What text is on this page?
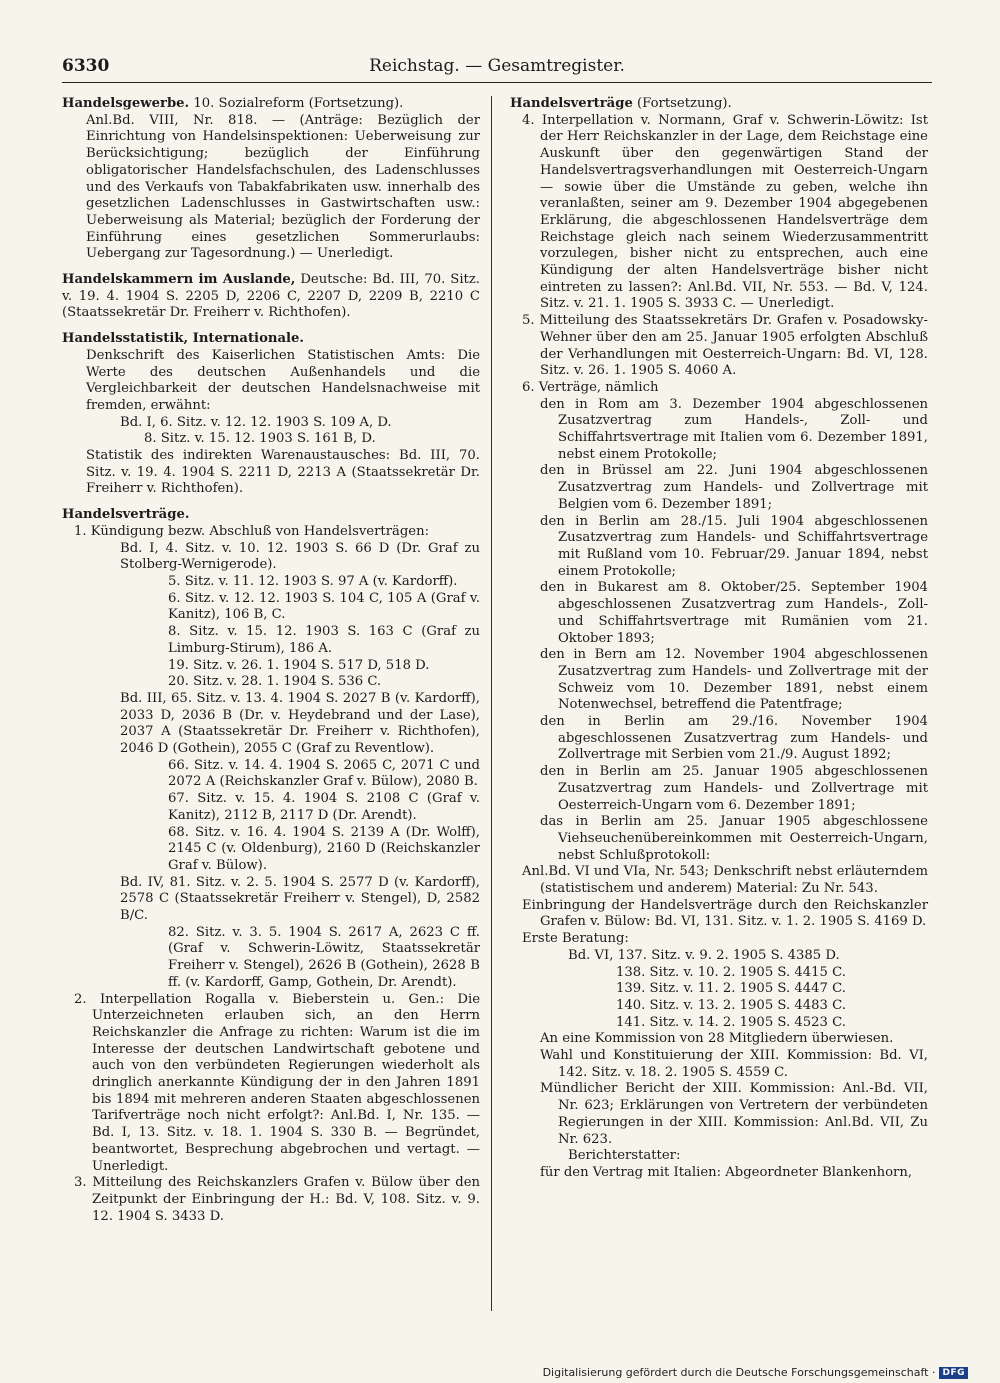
6330	Reichstag. — Gesamtregister.

Handelsgewerbe. 10. Sozialreform (Fortsetzung).

Anl.Bd. VIII, Nr. 818. — (Anträge: Bezüglich der Einrichtung von Handelsinspektionen: Ueberweisung zur Berücksichtigung; bezüglich der Einführung obligatorischer Handelsfachschulen, des Ladenschlusses und des Verkaufs von Tabakfabrikaten usw. innerhalb des gesetzlichen Ladenschlusses in Gastwirtschaften usw.: Ueberweisung als Material; bezüglich der Forderung der Einführung eines gesetzlichen Sommerurlaubs: Uebergang zur Tagesordnung.) — Unerledigt.

Handelskammern im Auslande, Deutsche: Bd. III, 70. Sitz. v. 19. 4. 1904 S. 2205 D, 2206 C, 2207 D, 2209 B, 2210 C (Staatssekretär Dr. Freiherr v. Richthofen).

Handelsstatistik, Internationale.

Denkschrift des Kaiserlichen Statistischen Amts: Die Werte des deutschen Außenhandels und die Vergleichbarkeit der deutschen Handelsnachweise mit fremden, erwähnt:

Bd. I, 6. Sitz. v. 12. 12. 1903 S. 109 A, D.

8. Sitz. v. 15. 12. 1903 S. 161 B, D.

Statistik des indirekten Warenaustausches: Bd. III, 70. Sitz. v. 19. 4. 1904 S. 2211 D, 2213 A (Staatssekretär Dr. Freiherr v. Richthofen).

Handelsverträge.

1. Kündigung bezw. Abschluß von Handelsverträgen:

Bd. I, 4. Sitz. v. 10. 12. 1903 S. 66 D (Dr. Graf zu Stolberg-Wernigerode).

5. Sitz. v. 11. 12. 1903 S. 97 A (v. Kardorff).

6. Sitz. v. 12. 12. 1903 S. 104 C, 105 A (Graf v. Kanitz), 106 B, C.

8. Sitz. v. 15. 12. 1903 S. 163 C (Graf zu Limburg-Stirum), 186 A.

19. Sitz. v. 26. 1. 1904 S. 517 D, 518 D.

20. Sitz. v. 28. 1. 1904 S. 536 C.

Bd. III, 65. Sitz. v. 13. 4. 1904 S. 2027 B (v. Kardorff), 2033 D, 2036 B (Dr. v. Heydebrand und der Lase), 2037 A (Staatssekretär Dr. Freiherr v. Richthofen), 2046 D (Gothein), 2055 C (Graf zu Reventlow).

66. Sitz. v. 14. 4. 1904 S. 2065 C, 2071 C und 2072 A (Reichskanzler Graf v. Bülow), 2080 B.

67. Sitz. v. 15. 4. 1904 S. 2108 C (Graf v. Kanitz), 2112 B, 2117 D (Dr. Arendt).

68. Sitz. v. 16. 4. 1904 S. 2139 A (Dr. Wolff), 2145 C (v. Oldenburg), 2160 D (Reichskanzler Graf v. Bülow).

Bd. IV, 81. Sitz. v. 2. 5. 1904 S. 2577 D (v. Kardorff), 2578 C (Staatssekretär Freiherr v. Stengel), D, 2582 B/C.

82. Sitz. v. 3. 5. 1904 S. 2617 A, 2623 C ff. (Graf v. Schwerin-Löwitz, Staatssekretär Freiherr v. Stengel), 2626 B (Gothein), 2628 B ff. (v. Kardorff, Gamp, Gothein, Dr. Arendt).

2. Interpellation Rogalla v. Bieberstein u. Gen.: Die Unterzeichneten erlauben sich, an den Herrn Reichskanzler die Anfrage zu richten: Warum ist die im Interesse der deutschen Landwirtschaft gebotene und auch von den verbündeten Regierungen wiederholt als dringlich anerkannte Kündigung der in den Jahren 1891 bis 1894 mit mehreren anderen Staaten abgeschlossenen Tarifverträge noch nicht erfolgt?: Anl.Bd. I, Nr. 135. — Bd. I, 13. Sitz. v. 18. 1. 1904 S. 330 B. — Begründet, beantwortet, Besprechung abgebrochen und vertagt. — Unerledigt.

3. Mitteilung des Reichskanzlers Grafen v. Bülow über den Zeitpunkt der Einbringung der H.: Bd. V, 108. Sitz. v. 9. 12. 1904 S. 3433 D.

Handelsverträge (Fortsetzung).

4. Interpellation v. Normann, Graf v. Schwerin-Löwitz: Ist der Herr Reichskanzler in der Lage, dem Reichstage eine Auskunft über den gegenwärtigen Stand der Handelsvertragsverhandlungen mit Oesterreich-Ungarn — sowie über die Umstände zu geben, welche ihn veranlaßten, seiner am 9. Dezember 1904 abgegebenen Erklärung, die abgeschlossenen Handelsverträge dem Reichstage gleich nach seinem Wiederzusammentritt vorzulegen, bisher nicht zu entsprechen, auch eine Kündigung der alten Handelsverträge bisher nicht eintreten zu lassen?: Anl.Bd. VII, Nr. 553. — Bd. V, 124. Sitz. v. 21. 1. 1905 S. 3933 C. — Unerledigt.

5. Mitteilung des Staatssekretärs Dr. Grafen v. Posadowsky-Wehner über den am 25. Januar 1905 erfolgten Abschluß der Verhandlungen mit Oesterreich-Ungarn: Bd. VI, 128. Sitz. v. 26. 1. 1905 S. 4060 A.

6. Verträge, nämlich

den in Rom am 3. Dezember 1904 abgeschlossenen Zusatzvertrag zum Handels-, Zoll- und Schiffahrtsvertrage mit Italien vom 6. Dezember 1891, nebst einem Protokolle;

den in Brüssel am 22. Juni 1904 abgeschlossenen Zusatzvertrag zum Handels- und Zollvertrage mit Belgien vom 6. Dezember 1891;

den in Berlin am 28./15. Juli 1904 abgeschlossenen Zusatzvertrag zum Handels- und Schiffahrtsvertrage mit Rußland vom 10. Februar/29. Januar 1894, nebst einem Protokolle;

den in Bukarest am 8. Oktober/25. September 1904 abgeschlossenen Zusatzvertrag zum Handels-, Zoll- und Schiffahrtsvertrage mit Rumänien vom 21. Oktober 1893;

den in Bern am 12. November 1904 abgeschlossenen Zusatzvertrag zum Handels- und Zollvertrage mit der Schweiz vom 10. Dezember 1891, nebst einem Notenwechsel, betreffend die Patentfrage;

den in Berlin am 29./16. November 1904 abgeschlossenen Zusatzvertrag zum Handels- und Zollvertrage mit Serbien vom 21./9. August 1892;

den in Berlin am 25. Januar 1905 abgeschlossenen Zusatzvertrag zum Handels- und Zollvertrage mit Oesterreich-Ungarn vom 6. Dezember 1891;

das in Berlin am 25. Januar 1905 abgeschlossene Viehseuchenübereinkommen mit Oesterreich-Ungarn, nebst Schlußprotokoll:

Anl.Bd. VI und VIa, Nr. 543; Denkschrift nebst erläuterndem (statistischem und anderem) Material: Zu Nr. 543.

Einbringung der Handelsverträge durch den Reichskanzler Grafen v. Bülow: Bd. VI, 131. Sitz. v. 1. 2. 1905 S. 4169 D.

Erste Beratung:

Bd. VI, 137. Sitz. v. 9. 2. 1905 S. 4385 D.

138. Sitz. v. 10. 2. 1905 S. 4415 C.

139. Sitz. v. 11. 2. 1905 S. 4447 C.

140. Sitz. v. 13. 2. 1905 S. 4483 C.

141. Sitz. v. 14. 2. 1905 S. 4523 C.

An eine Kommission von 28 Mitgliedern überwiesen.

Wahl und Konstituierung der XIII. Kommission: Bd. VI, 142. Sitz. v. 18. 2. 1905 S. 4559 C.

Mündlicher Bericht der XIII. Kommission: Anl.-Bd. VII, Nr. 623; Erklärungen von Vertretern der verbündeten Regierungen in der XIII. Kommission: Anl.Bd. VII, Zu Nr. 623.

Berichterstatter:

für den Vertrag mit Italien: Abgeordneter Blankenhorn,

Digitalisierung gefördert durch die Deutsche Forschungsgemeinschaft · DFG
